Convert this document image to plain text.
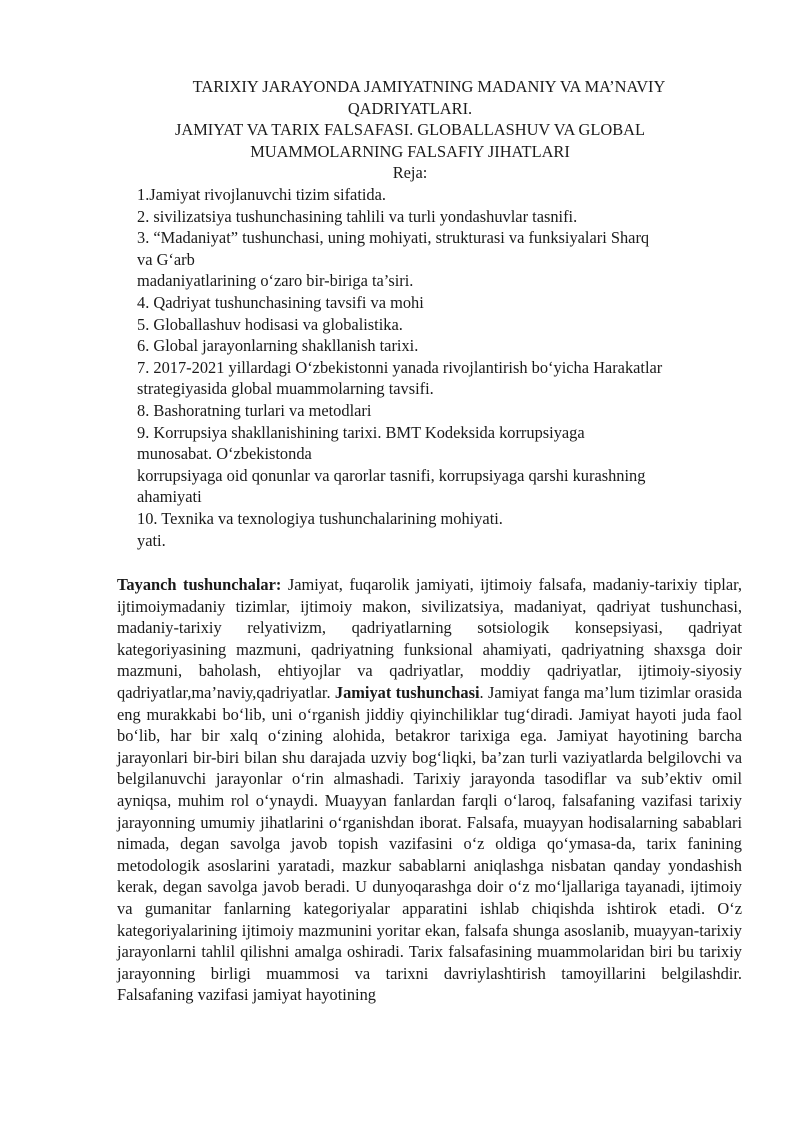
TARIXIY JARAYONDA JAMIYATNING MADANIY VA MA’NAVIY
QADRIYATLARI.
JAMIYAT VA TARIX FALSAFASI. GLOBALLASHUV VA GLOBAL
MUAMMOLARNING FALSAFIY JIHATLARI
Reja:
1.Jamiyat rivojlanuvchi tizim sifatida.
2. sivilizatsiya tushunchasining tahlili va turli yondashuvlar tasnifi.
3. “Madaniyat” tushunchasi, uning mohiyati, strukturasi va funksiyalari Sharq
va G‘arb
madaniyatlarining o‘zaro bir-biriga ta’siri.
4. Qadriyat tushunchasining tavsifi va mohi
5. Globallashuv hodisasi va globalistika.
6. Global jarayonlarning shakllanish tarixi.
7. 2017-2021 yillardagi O‘zbekistonni yanada rivojlantirish bo‘yicha Harakatlar
strategiyasida global muammolarning tavsifi.
8. Bashoratning turlari va metodlari
9. Korrupsiya shakllanishining tarixi. BMT Kodeksida korrupsiyaga
munosabat. O‘zbekistonda
korrupsiyaga oid qonunlar va qarorlar tasnifi, korrupsiyaga qarshi kurashning
ahamiyati
10. Texnika va texnologiya tushunchalarining mohiyati.
yati.
Tayanch tushunchalar: Jamiyat, fuqarolik jamiyati, ijtimoiy falsafa, madaniy-tarixiy tiplar, ijtimoiymadaniy tizimlar, ijtimoiy makon, sivilizatsiya, madaniyat, qadriyat tushunchasi, madaniy-tarixiy relyativizm, qadriyatlarning sotsiologik konsepsiyasi, qadriyat kategoriyasining mazmuni, qadriyatning funksional ahamiyati, qadriyatning shaxsga doir mazmuni, baholash, ehtiyojlar va qadriyatlar, moddiy qadriyatlar, ijtimoiy-siyosiy qadriyatlar,ma’naviy,qadriyatlar. Jamiyat tushunchasi. Jamiyat fanga ma’lum tizimlar orasida eng murakkabi bo‘lib, uni o‘rganish jiddiy qiyinchiliklar tug‘diradi. Jamiyat hayoti juda faol bo‘lib, har bir xalq o‘zining alohida, betakror tarixiga ega. Jamiyat hayotining barcha jarayonlari bir-biri bilan shu darajada uzviy bog‘liqki, ba’zan turli vaziyatlarda belgilovchi va belgilanuvchi jarayonlar o‘rin almashadi. Tarixiy jarayonda tasodiflar va sub’ektiv omil ayniqsa, muhim rol o‘ynaydi. Muayyan fanlardan farqli o‘laroq, falsafaning vazifasi tarixiy jarayonning umumiy jihatlarini o‘rganishdan iborat. Falsafa, muayyan hodisalarning sabablari nimada, degan savolga javob topish vazifasini o‘z oldiga qo‘ymasa-da, tarix fanining metodologik asoslarini yaratadi, mazkur sabablarni aniqlashga nisbatan qanday yondashish kerak, degan savolga javob beradi. U dunyoqarashga doir o‘z mo‘ljallariga tayanadi, ijtimoiy va gumanitar fanlarning kategoriyalar apparatini ishlab chiqishda ishtirok etadi. O‘z kategoriyalarining ijtimoiy mazmunini yoritar ekan, falsafa shunga asoslanib, muayyan-tarixiy jarayonlarni tahlil qilishni amalga oshiradi. Tarix falsafasining muammolaridan biri bu tarixiy jarayonning birligi muammosi va tarixni davriylashtirish tamoyillarini belgilashdir. Falsafaning vazifasi jamiyat hayotining
